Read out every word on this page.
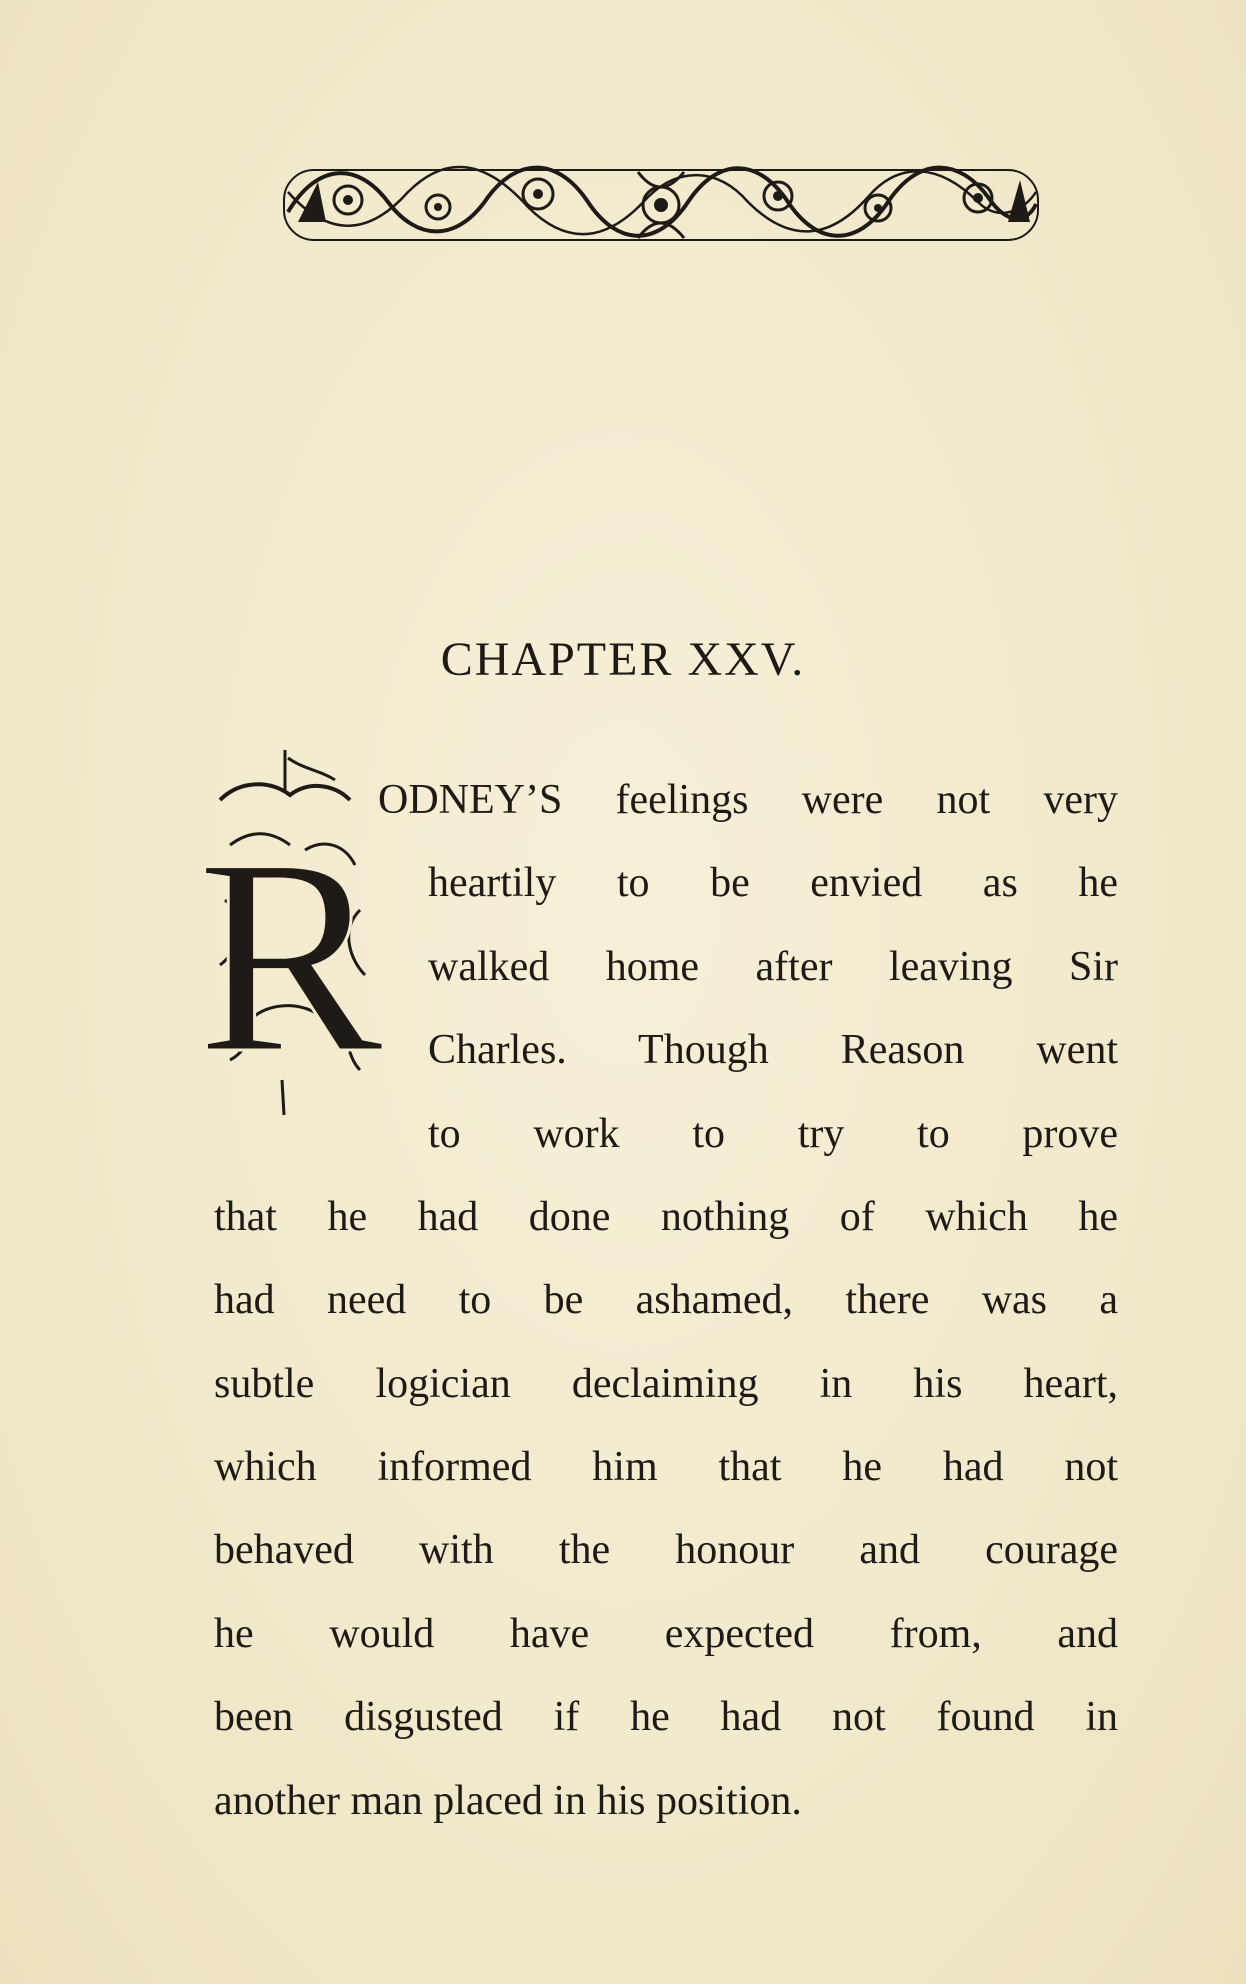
CHAPTER XXV.
R
ODNEY’S feelings were not very
heartily to be envied as he
walked home after leaving Sir
Charles. Though Reason went
to work to try to prove
that he had done nothing of which he
had need to be ashamed, there was a
subtle logician declaiming in his heart,
which informed him that he had not
behaved with the honour and courage
he would have expected from, and
been disgusted if he had not found in
another man placed in his position.
